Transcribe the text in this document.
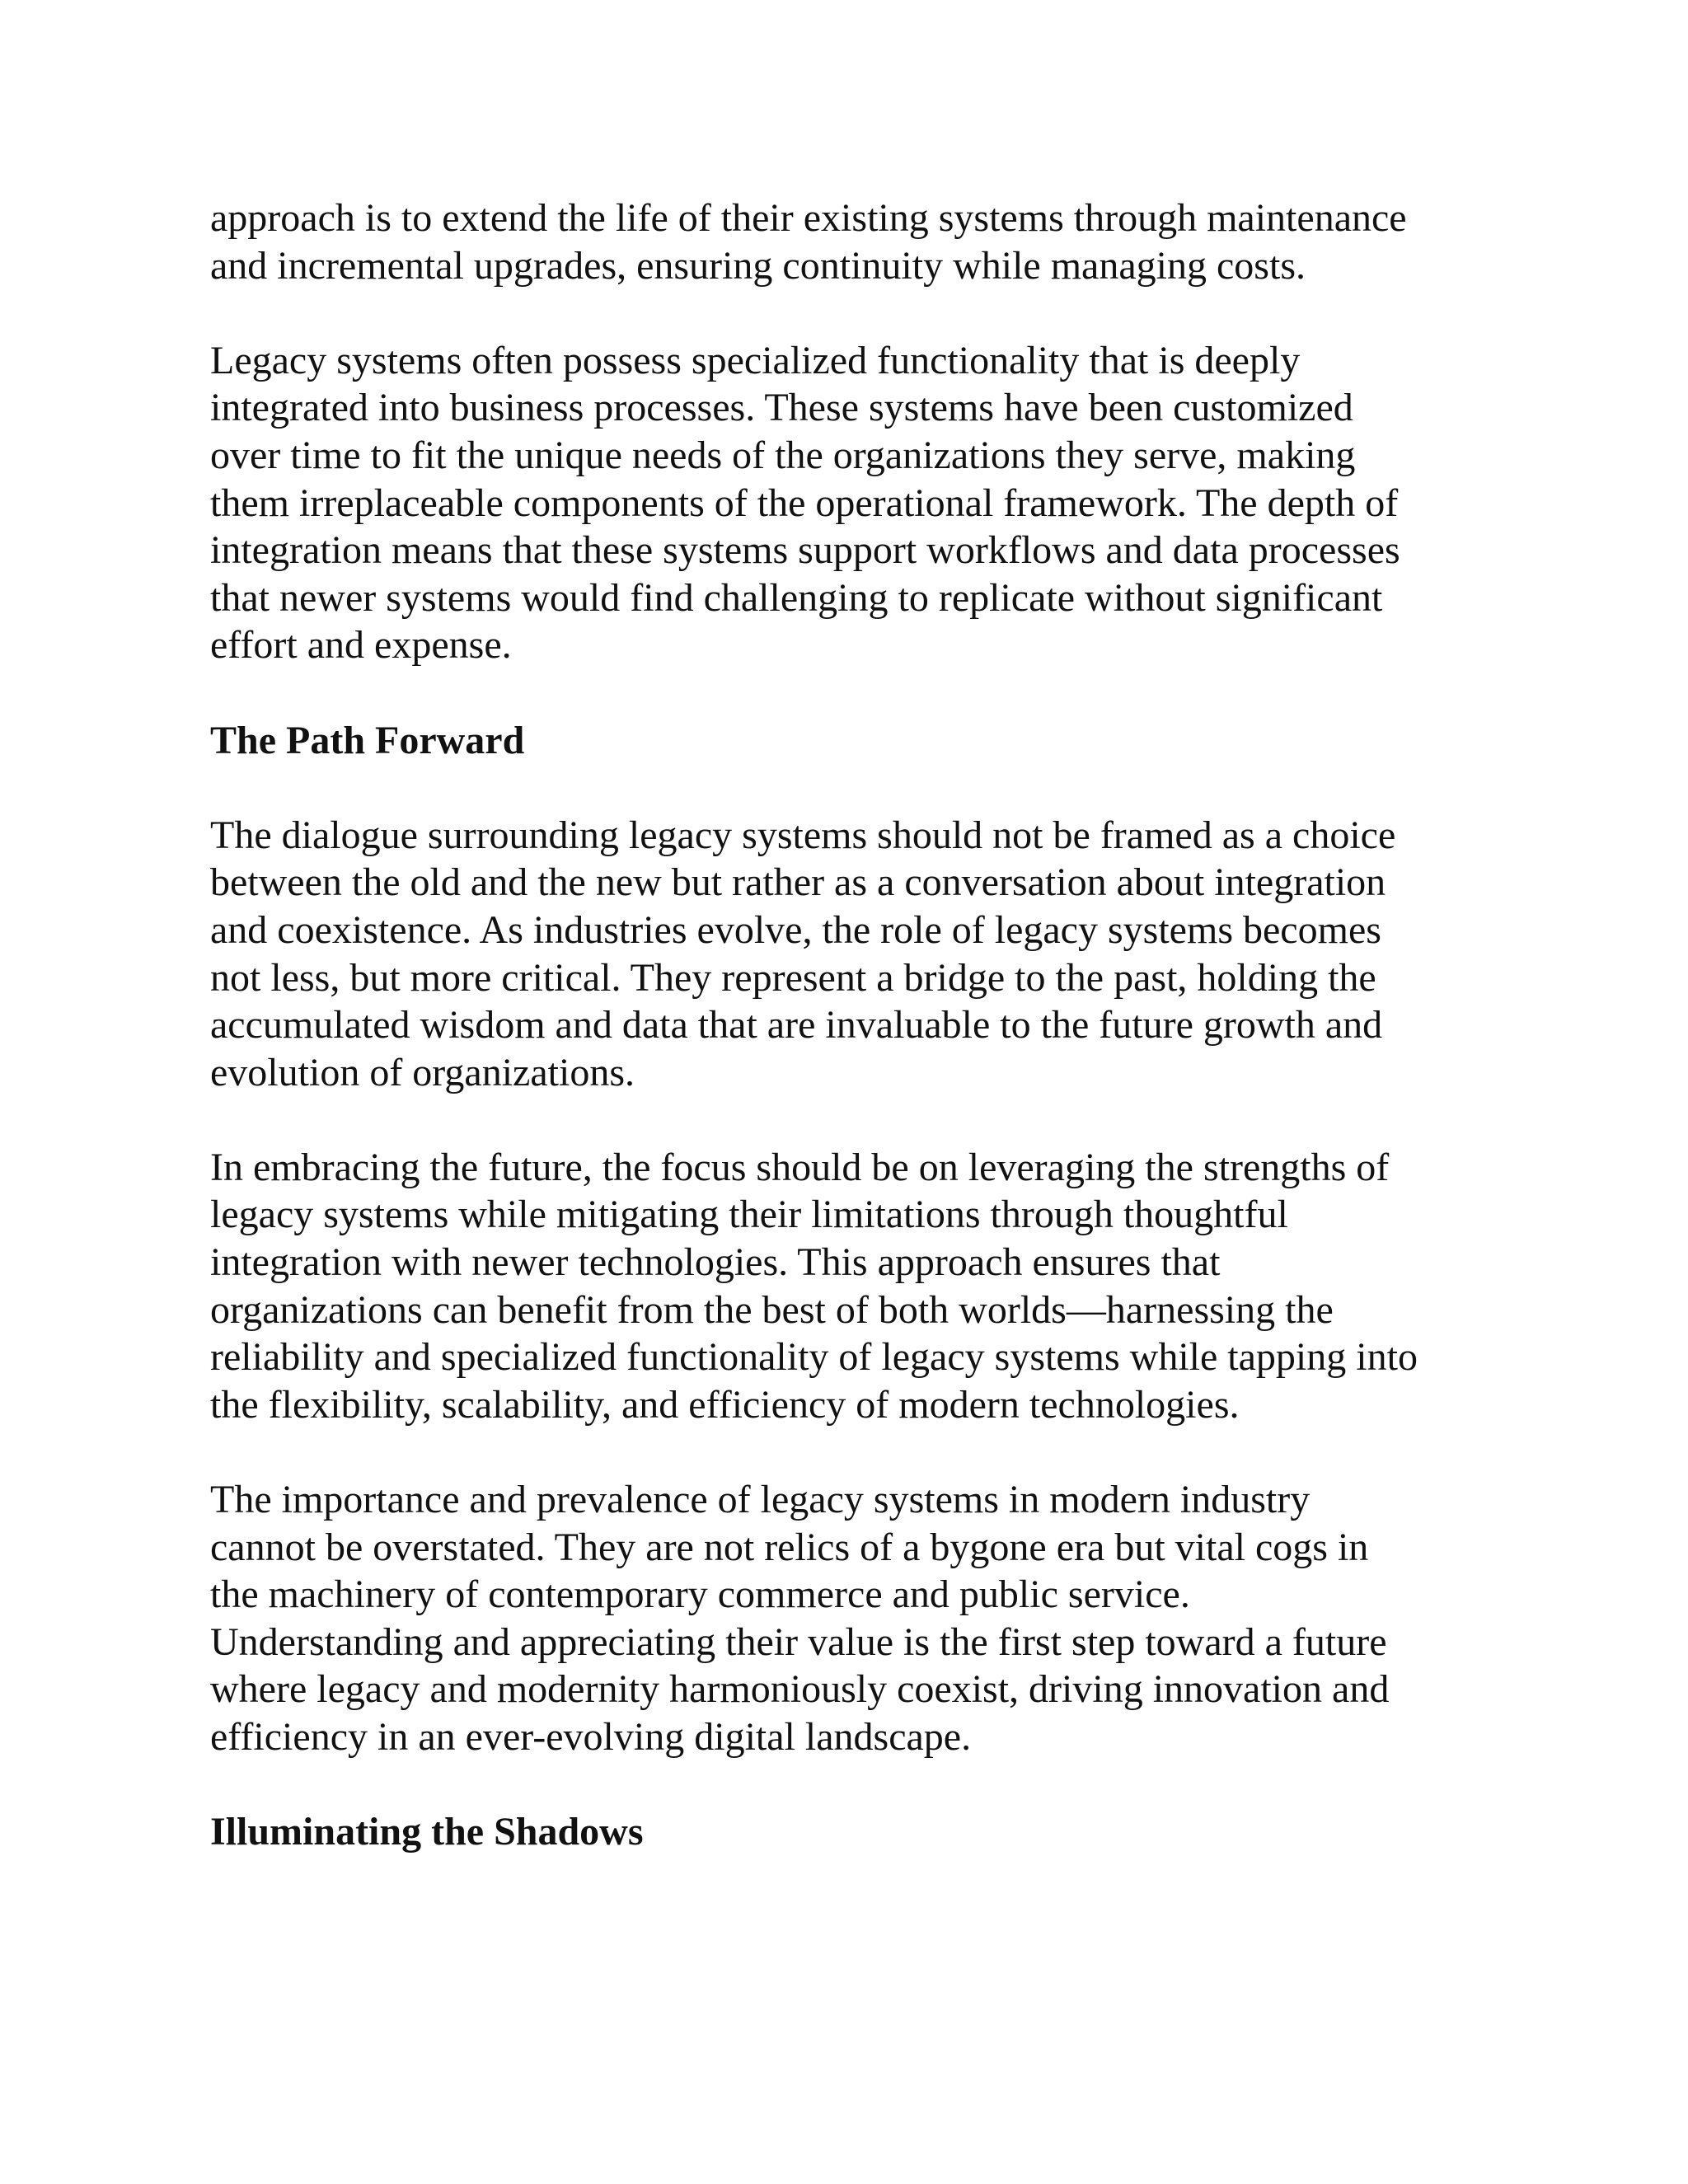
approach is to extend the life of their existing systems through maintenance
and incremental upgrades, ensuring continuity while managing costs.
Legacy systems often possess specialized functionality that is deeply
integrated into business processes. These systems have been customized
over time to fit the unique needs of the organizations they serve, making
them irreplaceable components of the operational framework. The depth of
integration means that these systems support workflows and data processes
that newer systems would find challenging to replicate without significant
effort and expense.
The Path Forward
The dialogue surrounding legacy systems should not be framed as a choice
between the old and the new but rather as a conversation about integration
and coexistence. As industries evolve, the role of legacy systems becomes
not less, but more critical. They represent a bridge to the past, holding the
accumulated wisdom and data that are invaluable to the future growth and
evolution of organizations.
In embracing the future, the focus should be on leveraging the strengths of
legacy systems while mitigating their limitations through thoughtful
integration with newer technologies. This approach ensures that
organizations can benefit from the best of both worlds—harnessing the
reliability and specialized functionality of legacy systems while tapping into
the flexibility, scalability, and efficiency of modern technologies.
The importance and prevalence of legacy systems in modern industry
cannot be overstated. They are not relics of a bygone era but vital cogs in
the machinery of contemporary commerce and public service.
Understanding and appreciating their value is the first step toward a future
where legacy and modernity harmoniously coexist, driving innovation and
efficiency in an ever-evolving digital landscape.
Illuminating the Shadows
